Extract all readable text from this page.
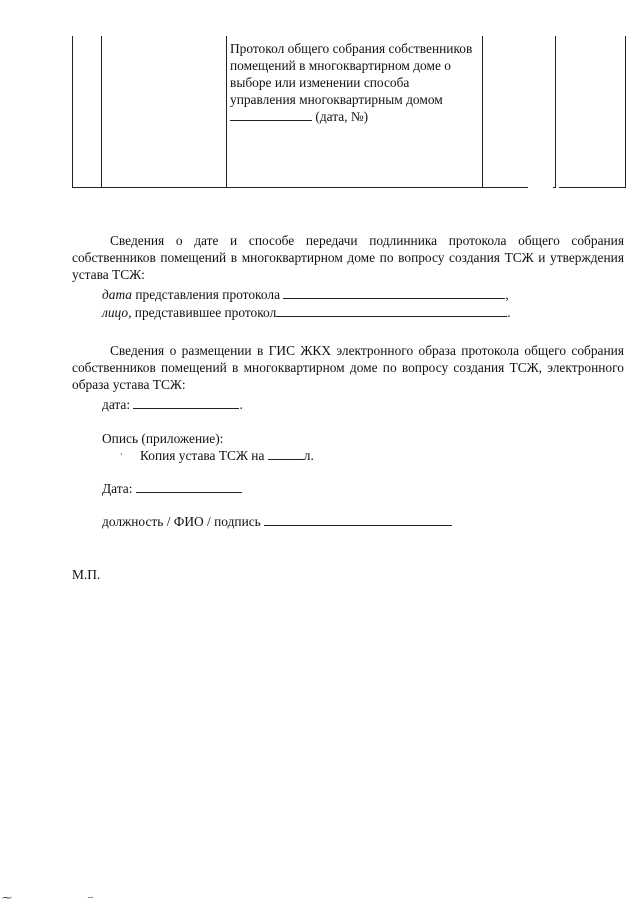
Протокол общего собрания собственников помещений в многоквартирном доме о выборе или изменении способа управления многоквартирным домом  (дата, №)
Сведения о дате и способе передачи подлинника протокола общего собрания собственников помещений в многоквартирном доме по вопросу создания ТСЖ и утверждения устава ТСЖ:
дата представления протокола	,
лицо, представившее протокол	.
Сведения о размещении в ГИС ЖКХ электронного образа протокола общего собрания собственников помещений в многоквартирном доме по вопросу создания ТСЖ, электронного образа устава ТСЖ:
дата:	.
Опись (приложение):
· Копия устава ТСЖ на	л.
Дата:
должность / ФИО / подпись
М.П.
⁓	‒
